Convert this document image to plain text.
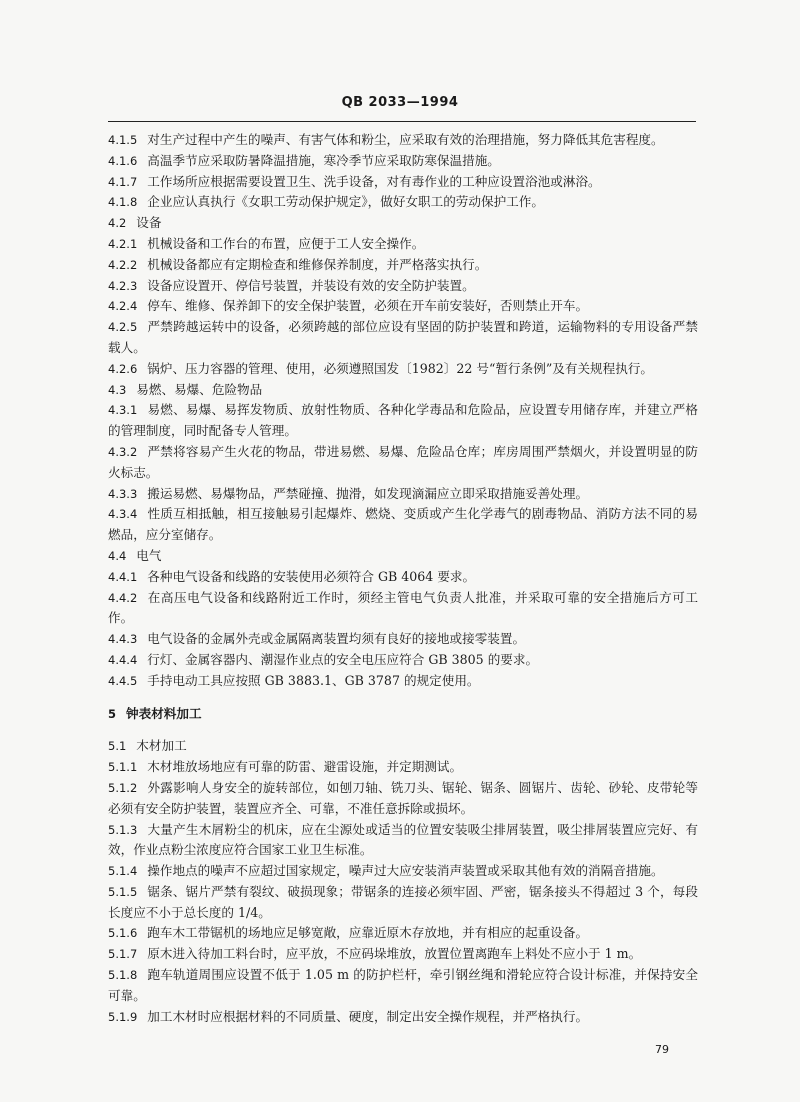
QB 2033—1994

4.1.5 对生产过程中产生的噪声、有害气体和粉尘，应采取有效的治理措施，努力降低其危害程度。

4.1.6 高温季节应采取防暑降温措施，寒冷季节应采取防寒保温措施。

4.1.7 工作场所应根据需要设置卫生、洗手设备，对有毒作业的工种应设置浴池或淋浴。

4.1.8 企业应认真执行《女职工劳动保护规定》，做好女职工的劳动保护工作。

4.2 设备

4.2.1 机械设备和工作台的布置，应便于工人安全操作。

4.2.2 机械设备都应有定期检查和维修保养制度，并严格落实执行。

4.2.3 设备应设置开、停信号装置，并装设有效的安全防护装置。

4.2.4 停车、维修、保养卸下的安全保护装置，必须在开车前安装好，否则禁止开车。

4.2.5 严禁跨越运转中的设备，必须跨越的部位应设有坚固的防护装置和跨道，运输物料的专用设备严禁载人。

4.2.6 锅炉、压力容器的管理、使用，必须遵照国发〔1982〕22 号“暂行条例”及有关规程执行。

4.3 易燃、易爆、危险物品

4.3.1 易燃、易爆、易挥发物质、放射性物质、各种化学毒品和危险品，应设置专用储存库，并建立严格的管理制度，同时配备专人管理。

4.3.2 严禁将容易产生火花的物品，带进易燃、易爆、危险品仓库；库房周围严禁烟火，并设置明显的防火标志。

4.3.3 搬运易燃、易爆物品，严禁碰撞、抛滑，如发现滴漏应立即采取措施妥善处理。

4.3.4 性质互相抵触，相互接触易引起爆炸、燃烧、变质或产生化学毒气的剧毒物品、消防方法不同的易燃品，应分室储存。

4.4 电气

4.4.1 各种电气设备和线路的安装使用必须符合 GB 4064 要求。

4.4.2 在高压电气设备和线路附近工作时，须经主管电气负责人批准，并采取可靠的安全措施后方可工作。

4.4.3 电气设备的金属外壳或金属隔离装置均须有良好的接地或接零装置。

4.4.4 行灯、金属容器内、潮湿作业点的安全电压应符合 GB 3805 的要求。

4.4.5 手持电动工具应按照 GB 3883.1、GB 3787 的规定使用。

5 钟表材料加工

5.1 木材加工

5.1.1 木材堆放场地应有可靠的防雷、避雷设施，并定期测试。

5.1.2 外露影响人身安全的旋转部位，如刨刀轴、铣刀头、锯轮、锯条、圆锯片、齿轮、砂轮、皮带轮等必须有安全防护装置，装置应齐全、可靠，不准任意拆除或损坏。

5.1.3 大量产生木屑粉尘的机床，应在尘源处或适当的位置安装吸尘排屑装置，吸尘排屑装置应完好、有效，作业点粉尘浓度应符合国家工业卫生标准。

5.1.4 操作地点的噪声不应超过国家规定，噪声过大应安装消声装置或采取其他有效的消隔音措施。

5.1.5 锯条、锯片严禁有裂纹、破损现象；带锯条的连接必须牢固、严密，锯条接头不得超过 3 个，每段长度应不小于总长度的 1/4。

5.1.6 跑车木工带锯机的场地应足够宽敞，应靠近原木存放地，并有相应的起重设备。

5.1.7 原木进入待加工料台时，应平放，不应码垛堆放，放置位置离跑车上料处不应小于 1 m。

5.1.8 跑车轨道周围应设置不低于 1.05 m 的防护栏杆，牵引钢丝绳和滑轮应符合设计标准，并保持安全可靠。

5.1.9 加工木材时应根据材料的不同质量、硬度，制定出安全操作规程，并严格执行。

79
